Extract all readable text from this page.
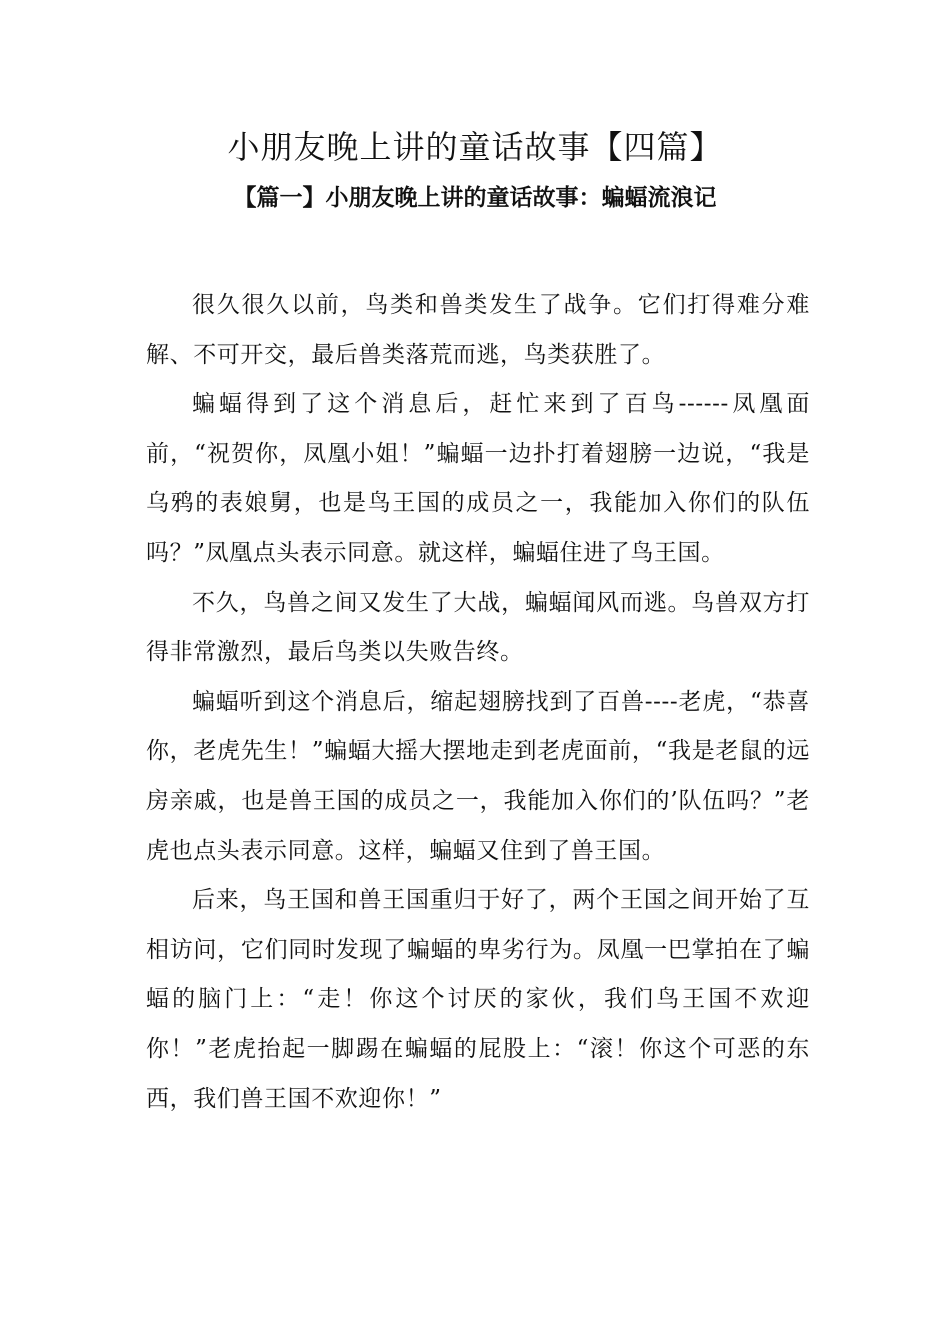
小朋友晚上讲的童话故事【四篇】
【篇一】小朋友晚上讲的童话故事：蝙蝠流浪记

很久很久以前，鸟类和兽类发生了战争。它们打得难分难解、不可开交，最后兽类落荒而逃，鸟类获胜了。

蝙蝠得到了这个消息后，赶忙来到了百鸟------凤凰面前，“祝贺你，凤凰小姐！”蝙蝠一边扑打着翅膀一边说，“我是乌鸦的表娘舅，也是鸟王国的成员之一，我能加入你们的队伍吗？”凤凰点头表示同意。就这样，蝙蝠住进了鸟王国。

不久，鸟兽之间又发生了大战，蝙蝠闻风而逃。鸟兽双方打得非常激烈，最后鸟类以失败告终。

蝙蝠听到这个消息后，缩起翅膀找到了百兽----老虎，“恭喜你，老虎先生！”蝙蝠大摇大摆地走到老虎面前，“我是老鼠的远房亲戚，也是兽王国的成员之一，我能加入你们的’队伍吗？”老虎也点头表示同意。这样，蝙蝠又住到了兽王国。

后来，鸟王国和兽王国重归于好了，两个王国之间开始了互相访问，它们同时发现了蝙蝠的卑劣行为。凤凰一巴掌拍在了蝙蝠的脑门上：“走！你这个讨厌的家伙，我们鸟王国不欢迎你！”老虎抬起一脚踢在蝙蝠的屁股上：“滚！你这个可恶的东西，我们兽王国不欢迎你！”
